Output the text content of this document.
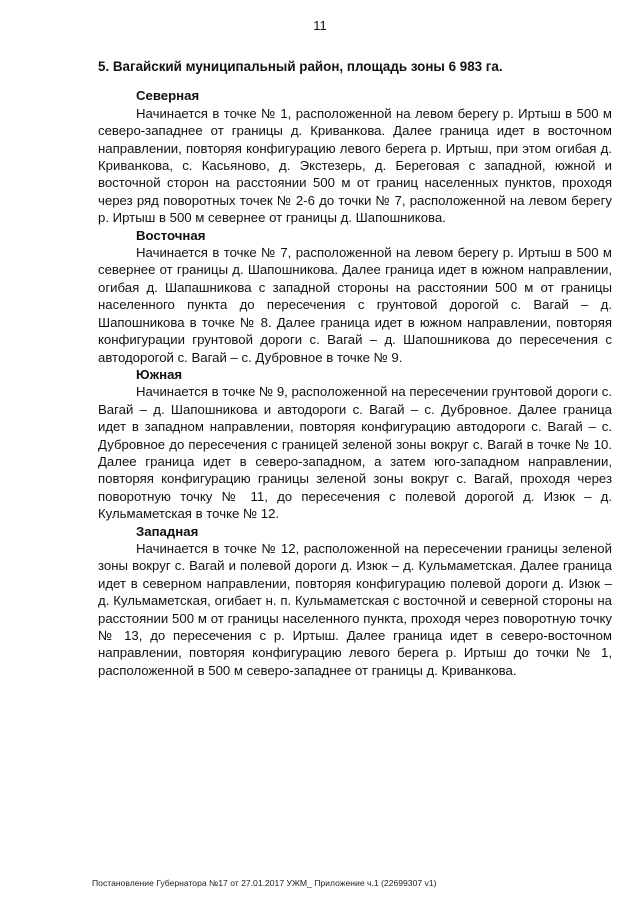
11

5. Вагайский муниципальный район, площадь зоны 6 983 га.

Северная

Начинается в точке № 1, расположенной на левом берегу р. Иртыш в 500 м северо-западнее от границы д. Криванкова. Далее граница идет в восточном направлении, повторяя конфигурацию левого берега р. Иртыш, при этом огибая д. Криванкова, с. Касьяново, д. Экстезерь, д. Береговая с западной, южной и восточной сторон на расстоянии 500 м от границ населенных пунктов, проходя через ряд поворотных точек № 2-6 до точки № 7, расположенной на левом берегу р. Иртыш в 500 м севернее от границы д. Шапошникова.

Восточная

Начинается в точке № 7, расположенной на левом берегу р. Иртыш в 500 м севернее от границы д. Шапошникова. Далее граница идет в южном направлении, огибая д. Шапашникова с западной стороны на расстоянии 500 м от границы населенного пункта до пересечения с грунтовой дорогой с. Вагай – д. Шапошникова в точке № 8. Далее граница идет в южном направлении, повторяя конфигурации грунтовой дороги с. Вагай – д. Шапошникова до пересечения с автодорогой с. Вагай – с. Дубровное в точке № 9.

Южная

Начинается в точке № 9, расположенной на пересечении грунтовой дороги с. Вагай – д. Шапошникова и автодороги с. Вагай – с. Дубровное. Далее граница идет в западном направлении, повторяя конфигурацию автодороги с. Вагай – с. Дубровное до пересечения с границей зеленой зоны вокруг с. Вагай в точке № 10. Далее граница идет в северо-западном, а затем юго-западном направлении, повторяя конфигурацию границы зеленой зоны вокруг с. Вагай, проходя через поворотную точку № 11, до пересечения с полевой дорогой д. Изюк – д. Кульмаметская в точке № 12.

Западная

Начинается в точке № 12, расположенной на пересечении границы зеленой зоны вокруг с. Вагай и полевой дороги д. Изюк – д. Кульмаметская. Далее граница идет в северном направлении, повторяя конфигурацию полевой дороги д. Изюк – д. Кульмаметская, огибает н. п. Кульмаметская с восточной и северной стороны на расстоянии 500 м от границы населенного пункта, проходя через поворотную точку № 13, до пересечения с р. Иртыш. Далее граница идет в северо-восточном направлении, повторяя конфигурацию левого берега р. Иртыш до точки № 1, расположенной в 500 м северо-западнее от границы д. Криванкова.

Постановление Губернатора №17 от 27.01.2017 УЖМ_ Приложение ч.1 (22699307 v1)
